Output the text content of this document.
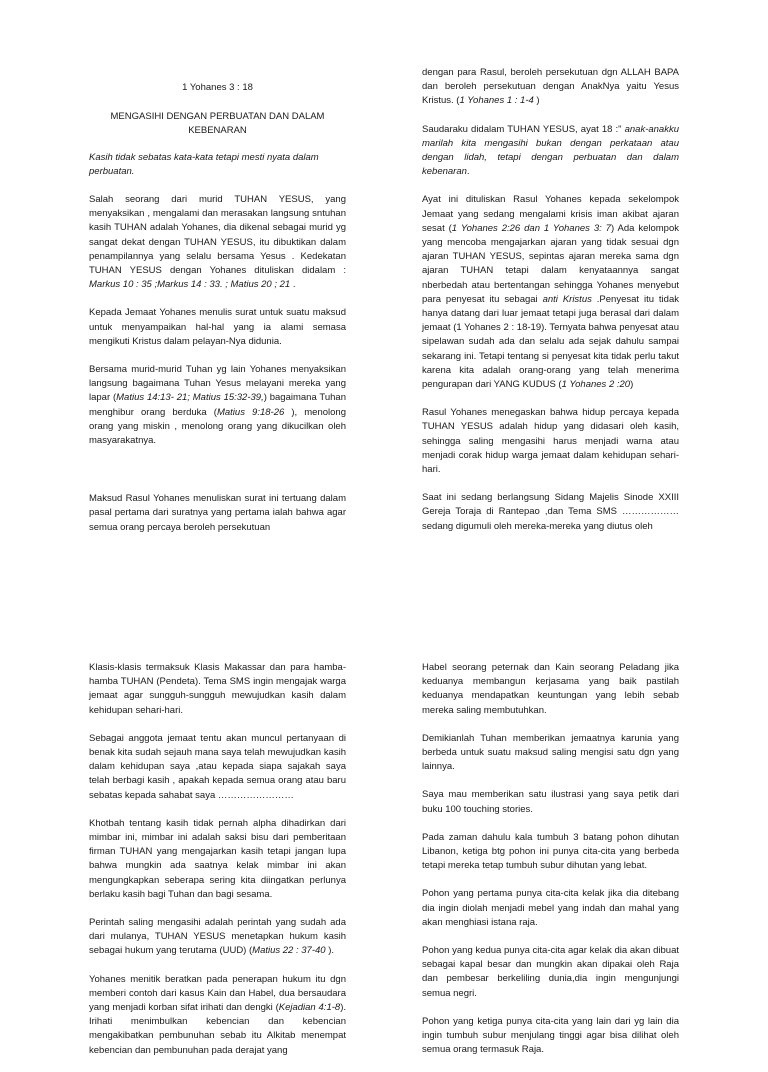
1 Yohanes 3 : 18
MENGASIHI DENGAN PERBUATAN DAN DALAM
KEBENARAN

Kasih tidak sebatas kata-kata tetapi mesti nyata dalam perbuatan.

Salah seorang dari murid TUHAN YESUS, yang menyaksikan , mengalami dan merasakan langsung sntuhan kasih TUHAN adalah Yohanes, dia dikenal sebagai murid yg sangat dekat dengan TUHAN YESUS, itu dibuktikan dalam penampilannya yang selalu bersama Yesus . Kedekatan TUHAN YESUS dengan Yohanes dituliskan didalam : Markus 10 : 35 ;Markus 14 : 33. ; Matius 20 ; 21 .

Kepada Jemaat Yohanes menulis surat untuk suatu maksud untuk menyampaikan hal-hal yang ia alami semasa mengikuti Kristus dalam pelayan-Nya didunia.

Bersama murid-murid Tuhan yg lain Yohanes menyaksikan langsung bagaimana Tuhan Yesus melayani mereka yang lapar (Matius 14:13- 21; Matius 15:32-39,) bagaimana Tuhan menghibur orang berduka (Matius 9:18-26 ), menolong orang yang miskin , menolong orang yang dikucilkan oleh masyarakatnya.

Maksud Rasul Yohanes menuliskan surat ini tertuang dalam pasal pertama dari suratnya yang pertama ialah bahwa agar semua orang percaya beroleh persekutuan

dengan para Rasul, beroleh persekutuan dgn ALLAH BAPA dan beroleh persekutuan dengan AnakNya yaitu Yesus Kristus. (1 Yohanes 1 : 1-4 )

Saudaraku didalam TUHAN YESUS, ayat 18 :" anak-anakku marilah kita mengasihi bukan dengan perkataan atau dengan lidah, tetapi dengan perbuatan dan dalam kebenaran.

Ayat ini dituliskan Rasul Yohanes kepada sekelompok Jemaat yang sedang mengalami krisis iman akibat ajaran sesat (1 Yohanes 2:26 dan 1 Yohanes 3: 7) Ada kelompok yang mencoba mengajarkan ajaran yang tidak sesuai dgn ajaran TUHAN YESUS, sepintas ajaran mereka sama dgn ajaran TUHAN tetapi dalam kenyataannya sangat nberbedah atau bertentangan sehingga Yohanes menyebut para penyesat itu sebagai anti Kristus .Penyesat itu tidak hanya datang dari luar jemaat tetapi juga berasal dari dalam jemaat (1 Yohanes 2 : 18-19). Ternyata bahwa penyesat atau sipelawan sudah ada dan selalu ada sejak dahulu sampai sekarang ini. Tetapi tentang si penyesat kita tidak perlu takut karena kita adalah orang-orang yang telah menerima pengurapan dari YANG KUDUS (1 Yohanes 2 :20)

Rasul Yohanes menegaskan bahwa hidup percaya kepada TUHAN YESUS adalah hidup yang didasari oleh kasih, sehingga saling mengasihi harus menjadi warna atau menjadi corak hidup warga jemaat dalam kehidupan sehari-hari.

Saat ini sedang berlangsung Sidang Majelis Sinode XXIII Gereja Toraja di Rantepao ,dan Tema SMS ……………… sedang digumuli oleh mereka-mereka yang diutus oleh

Klasis-klasis termaksuk Klasis Makassar dan para hamba-hamba TUHAN (Pendeta). Tema SMS ingin mengajak warga jemaat agar sungguh-sungguh mewujudkan kasih dalam kehidupan sehari-hari.

Sebagai anggota jemaat tentu akan muncul pertanyaan di benak kita sudah sejauh mana saya telah mewujudkan kasih dalam kehidupan saya ,atau kepada siapa sajakah saya telah berbagi kasih , apakah kepada semua orang atau baru sebatas kepada sahabat saya ……………………

Khotbah tentang kasih tidak pernah alpha dihadirkan dari mimbar ini, mimbar ini adalah saksi bisu dari pemberitaan firman TUHAN yang mengajarkan kasih tetapi jangan lupa bahwa mungkin ada saatnya kelak mimbar ini akan mengungkapkan seberapa sering kita diingatkan perlunya berlaku kasih bagi Tuhan dan bagi sesama.

Perintah saling mengasihi adalah perintah yang sudah ada dari mulanya, TUHAN YESUS menetapkan hukum kasih sebagai hukum yang terutama (UUD) (Matius 22 : 37-40 ).

Yohanes menitik beratkan pada penerapan hukum itu dgn memberi contoh dari kasus Kain dan Habel, dua bersaudara yang menjadi korban sifat irihati dan dengki (Kejadian 4:1-8). Irihati menimbulkan kebencian dan kebencian mengakibatkan pembunuhan sebab itu Alkitab menempat kebencian dan pembunuhan pada derajat yang

Habel seorang peternak dan Kain seorang Peladang jika keduanya membangun kerjasama yang baik pastilah keduanya mendapatkan keuntungan yang lebih sebab mereka saling membutuhkan.

Demikianlah Tuhan memberikan jemaatnya karunia yang berbeda untuk suatu maksud saling mengisi satu dgn yang lainnya.

Saya mau memberikan satu ilustrasi yang saya petik dari buku 100 touching stories.

Pada zaman dahulu kala tumbuh 3 batang pohon dihutan Libanon, ketiga btg pohon ini punya cita-cita yang berbeda tetapi mereka tetap tumbuh subur dihutan yang lebat.

Pohon yang pertama punya cita-cita kelak jika dia ditebang dia ingin diolah menjadi mebel yang indah dan mahal yang akan menghiasi istana raja.

Pohon yang kedua punya cita-cita agar kelak dia akan dibuat sebagai kapal besar dan mungkin akan dipakai oleh Raja dan pembesar berkeliling dunia,dia ingin mengunjungi semua negri.

Pohon yang ketiga punya cita-cita yang lain dari yg lain dia ingin tumbuh subur menjulang tinggi agar bisa dilihat oleh semua orang termasuk Raja.
